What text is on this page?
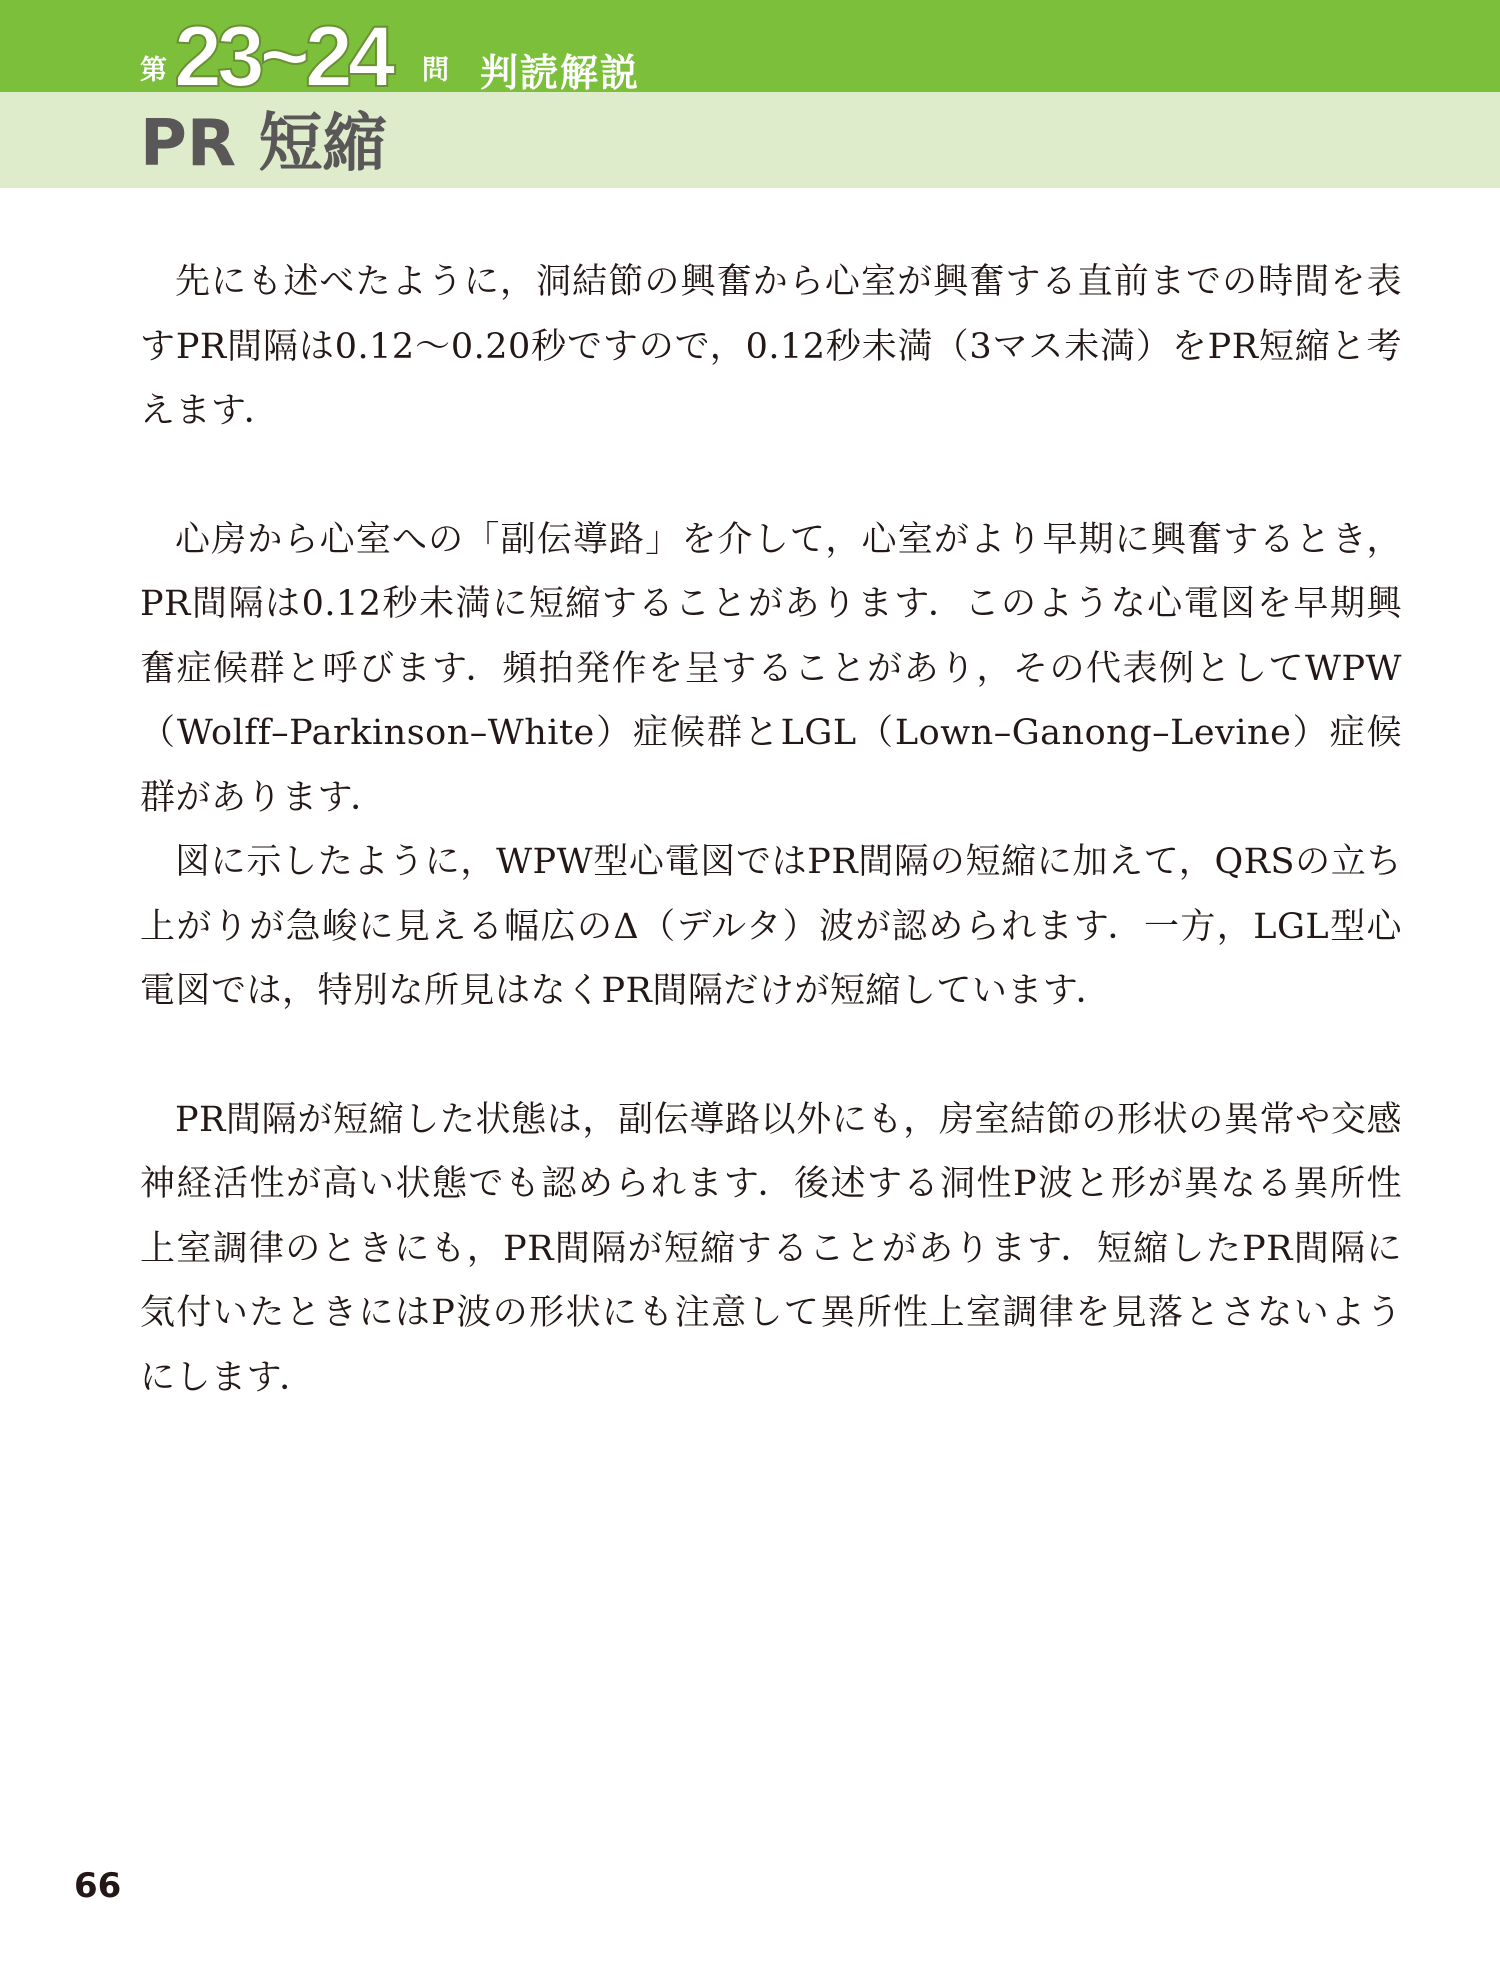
第 23~24 問 判読解説
PR 短縮

先にも述べたように，洞結節の興奮から心室が興奮する直前までの時間を表すPR間隔は0.12〜0.20秒ですので，0.12秒未満（3マス未満）をPR短縮と考えます．

心房から心室への「副伝導路」を介して，心室がより早期に興奮するとき，PR間隔は0.12秒未満に短縮することがあります．このような心電図を早期興奮症候群と呼びます．頻拍発作を呈することがあり，その代表例としてWPW（Wolff–Parkinson–White）症候群とLGL（Lown–Ganong–Levine）症候群があります．

図に示したように，WPW型心電図ではPR間隔の短縮に加えて，QRSの立ち上がりが急峻に見える幅広のΔ（デルタ）波が認められます．一方，LGL型心電図では，特別な所見はなくPR間隔だけが短縮しています．

PR間隔が短縮した状態は，副伝導路以外にも，房室結節の形状の異常や交感神経活性が高い状態でも認められます．後述する洞性P波と形が異なる異所性上室調律のときにも，PR間隔が短縮することがあります．短縮したPR間隔に気付いたときにはP波の形状にも注意して異所性上室調律を見落とさないようにします．

66
